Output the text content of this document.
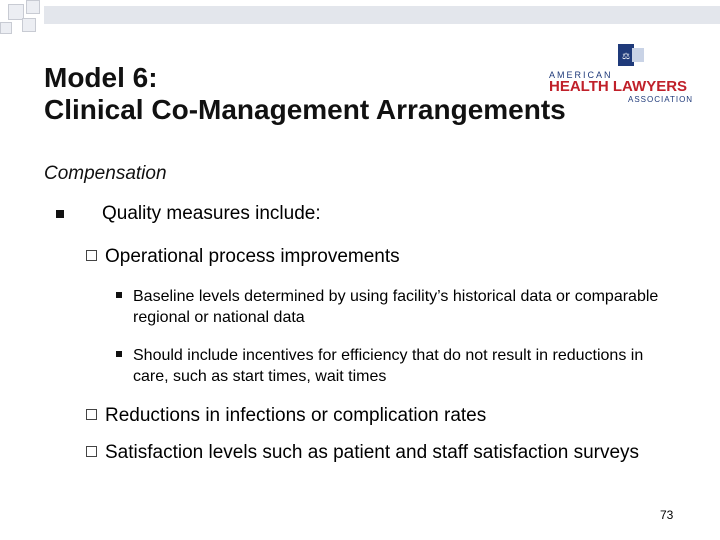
Model 6:
Clinical Co-Management Arrangements
⚖
AMERICAN
HEALTH LAWYERS
ASSOCIATION
Compensation
Quality measures include:
Operational process improvements
Baseline levels determined by using facility’s historical data or comparable regional or national data
Should include incentives for efficiency that do not result in reductions in care, such as start times, wait times
Reductions in infections or complication rates
Satisfaction levels such as patient and staff satisfaction surveys
73
